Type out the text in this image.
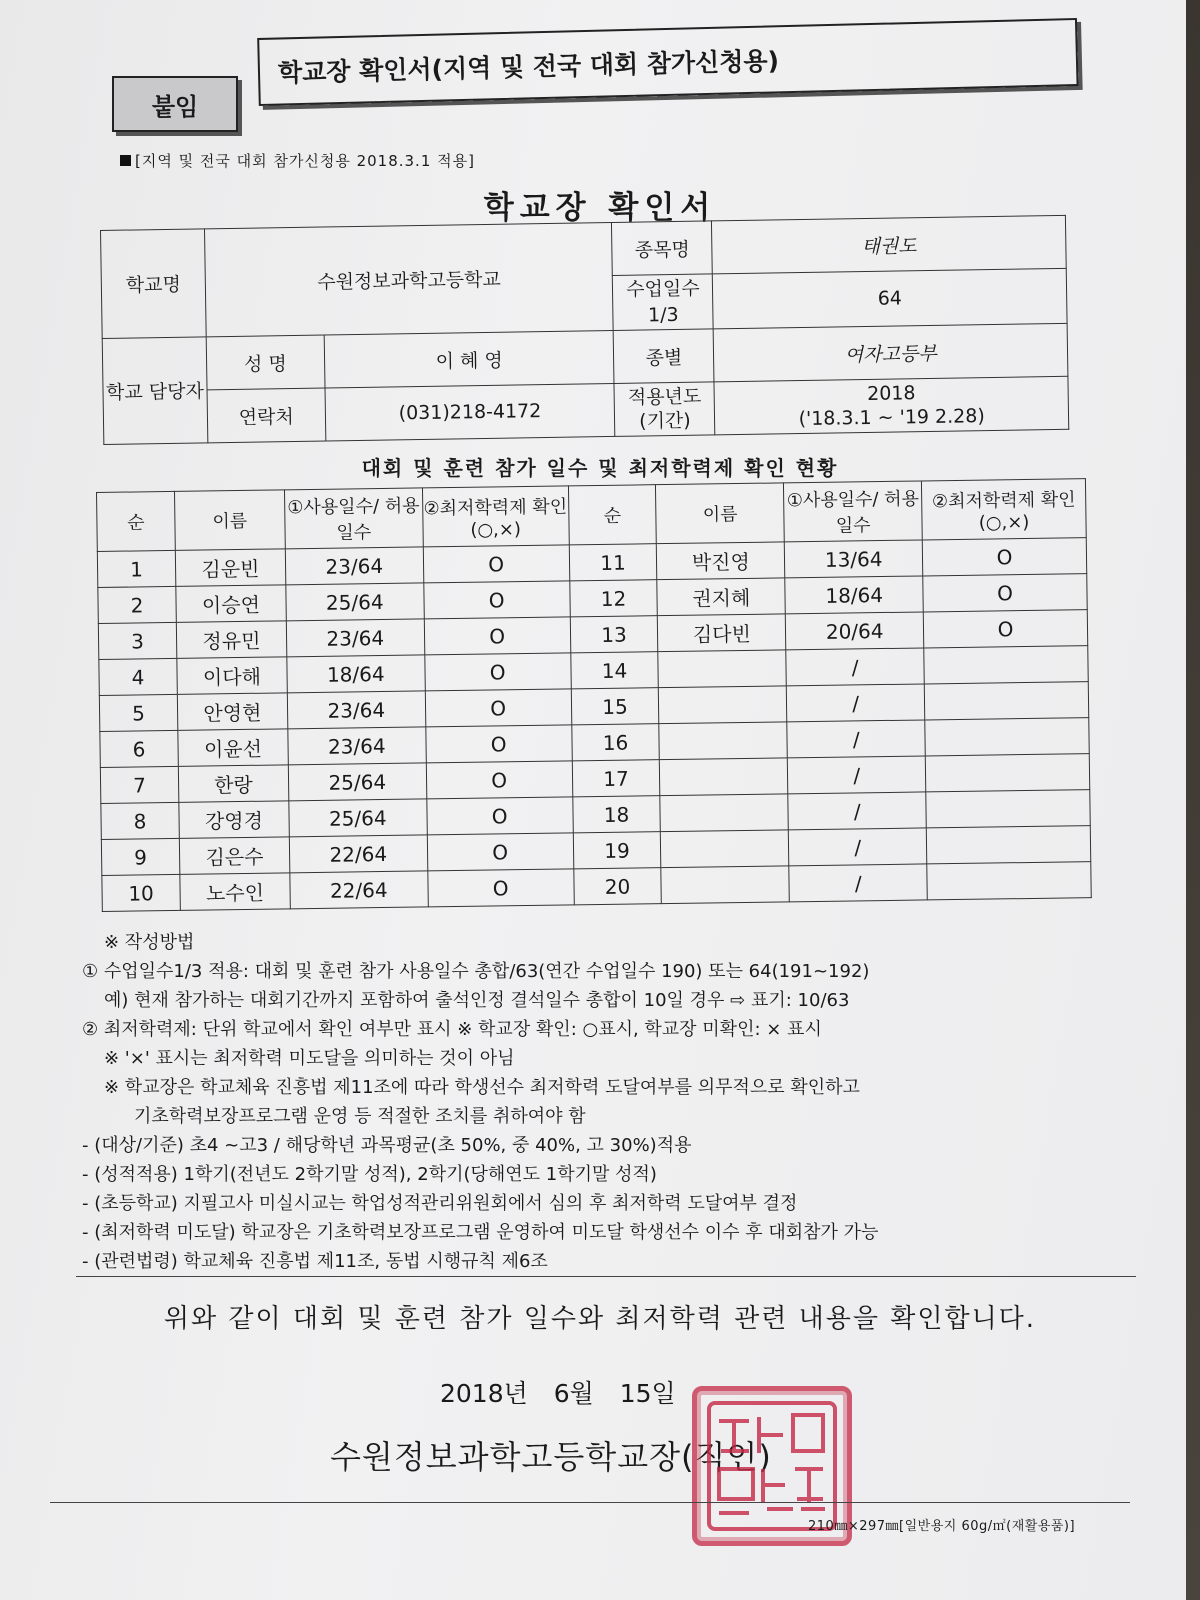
붙임
학교장 확인서(지역 및 전국 대회 참가신청용)
[지역 및 전국 대회 참가신청용 2018.3.1 적용]
학교장 확인서
학교명	수원정보과학고등학교		종목명	태권도
			수업일수 1/3	64
학교 담당자	성 명	이 혜 영	종별	여자고등부
	연락처	(031)218-4172	적용년도 (기간)	2018
('18.3.1 ~ '19 2.28)
대회 및 훈련 참가 일수 및 최저학력제 확인 현황
순	이름	①사용일수/ 허용일수	②최저학력제 확인(○,×)	순	이름	①사용일수/ 허용일수	②최저학력제 확인(○,×)
1	김운빈	23/64	O	11	박진영	13/64	O
2	이승연	25/64	O	12	권지혜	18/64	O
3	정유민	23/64	O	13	김다빈	20/64	O
4	이다해	18/64	O	14		/	
5	안영현	23/64	O	15		/	
6	이윤선	23/64	O	16		/	
7	한랑	25/64	O	17		/	
8	강영경	25/64	O	18		/	
9	김은수	22/64	O	19		/	
10	노수인	22/64	O	20		/	
※ 작성방법
① 수업일수1/3 적용: 대회 및 훈련 참가 사용일수 총합/63(연간 수업일수 190) 또는 64(191~192)
예) 현재 참가하는 대회기간까지 포함하여 출석인정 결석일수 총합이 10일 경우 ⇨ 표기: 10/63
② 최저학력제: 단위 학교에서 확인 여부만 표시 ※ 학교장 확인: ○표시, 학교장 미확인: × 표시
※ '×' 표시는 최저학력 미도달을 의미하는 것이 아님
※ 학교장은 학교체육 진흥법 제11조에 따라 학생선수 최저학력 도달여부를 의무적으로 확인하고
기초학력보장프로그램 운영 등 적절한 조치를 취하여야 함
- (대상/기준) 초4 ~고3 / 해당학년 과목평균(초 50%, 중 40%, 고 30%)적용
- (성적적용) 1학기(전년도 2학기말 성적), 2학기(당해연도 1학기말 성적)
- (초등학교) 지필고사 미실시교는 학업성적관리위원회에서 심의 후 최저학력 도달여부 결정
- (최저학력 미도달) 학교장은 기초학력보장프로그램 운영하여 미도달 학생선수 이수 후 대회참가 가능
- (관련법령) 학교체육 진흥법 제11조, 동법 시행규칙 제6조
위와 같이 대회 및 훈련 참가 일수와 최저학력 관련 내용을 확인합니다.
2018년 6월 15일
수원정보과학고등학교장(직인)
210㎜×297㎜[일반용지 60g/㎡(재활용품)]
